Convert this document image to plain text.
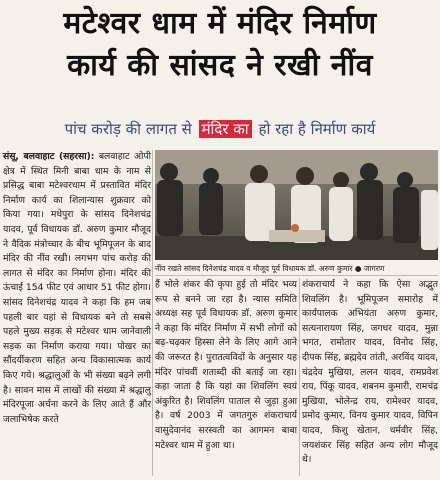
मटेश्वर धाम में मंदिर निर्माण
कार्य की सांसद ने रखी नींव
पांच करोड़ की लागत से मंदिर का हो रहा है निर्माण कार्य

संसू, बलवाहाट (सहरसा): बलवाहाट ओपी क्षेत्र में स्थित मिनी बाबा धाम के नाम से प्रसिद्ध बाबा मटेश्वरधाम में प्रस्तावित मंदिर निर्माण कार्य का शिलान्यास शुक्रवार को किया गया। मधेपुरा के सांसद दिनेशचंद्र यादव, पूर्व विधायक डॉ. अरुण कुमार मौजूद ने वैदिक मंत्रोच्चार के बीच भूमिपूजन के बाद मंदिर की नींव रखी। लगभग पांच करोड़ की लागत से मंदिर का निर्माण होना। मंदिर की ऊंचाई 154 फीट एवं आधार 51 फीट होगा। सांसद दिनेशचंद्र यादव ने कहा कि हम जब पहली बार यहां से विधायक बने तो सबसे पहले मुख्य सड़क से मटेश्वर धाम जानेवाली सड़क का निर्माण कराया गया। पोखर का सौंदर्यीकरण सहित अन्य विकासात्मक कार्य किए गये। श्रद्धालुओं के भी संख्या बढ़ने लगी है। सावन मास में लाखों की संख्या में श्रद्धालु मंदिरपूजा अर्चना करने के लिए आते हैं और जलाभिषेक करते

नींव रखते सांसद दिनेशचंद्र यादव व मौजूद पूर्व विधायक डॉ. अरुण कुमार ● जागरण

हैं भोले शंकर की कृपा हुई तो मंदिर भव्य रूप से बनने जा रहा है। न्यास समिति अध्यक्ष सह पूर्व विधायक डॉ. अरुण कुमार ने कहा कि मंदिर निर्माण में सभी लोगों को बढ़-चढ़कर हिस्सा लेने के लिए आगे आने की जरूरत है। पुरातत्वविदों के अनुसार यह मंदिर पांचवीं शताब्दी की बताई जा रहा। कहा जाता है कि यहां का शिवलिंग स्वयं अंकुरित है। शिवलिंग पाताल से जुड़ा हुआ है। वर्ष 2003 में जगतगुरु शंकराचार्य वासुदेवानंद सरस्वती का आगमन बाबा मटेश्वर धाम में हुआ था।

शंकराचार्य ने कहा कि ऐसा अद्भुत शिवलिंग है। भूमिपूजन समारोह में कार्यपालक अभियंता अरुण कुमार, सत्यनारायण सिंह, जगधर यादव, मुन्ना भगत, रामोतार यादव, विनोद सिंह, दीपक सिंह, ब्रह्मदेव तांती, अरविंद यादव, चंद्रदेव मुखिया, ललन यादव, रामप्रवेश राय, पिंकू यादव, शबनम कुमारी, रामचंद्र मुखिया, भोलेन्द्र राय, रामेश्वर यादव, प्रमोद कुमार, विनय कुमार यादव, विपिन यादव, किशु खेतान, धर्मवीर सिंह, जयशंकर सिंह सहित अन्य लोग मौजूद थे।
